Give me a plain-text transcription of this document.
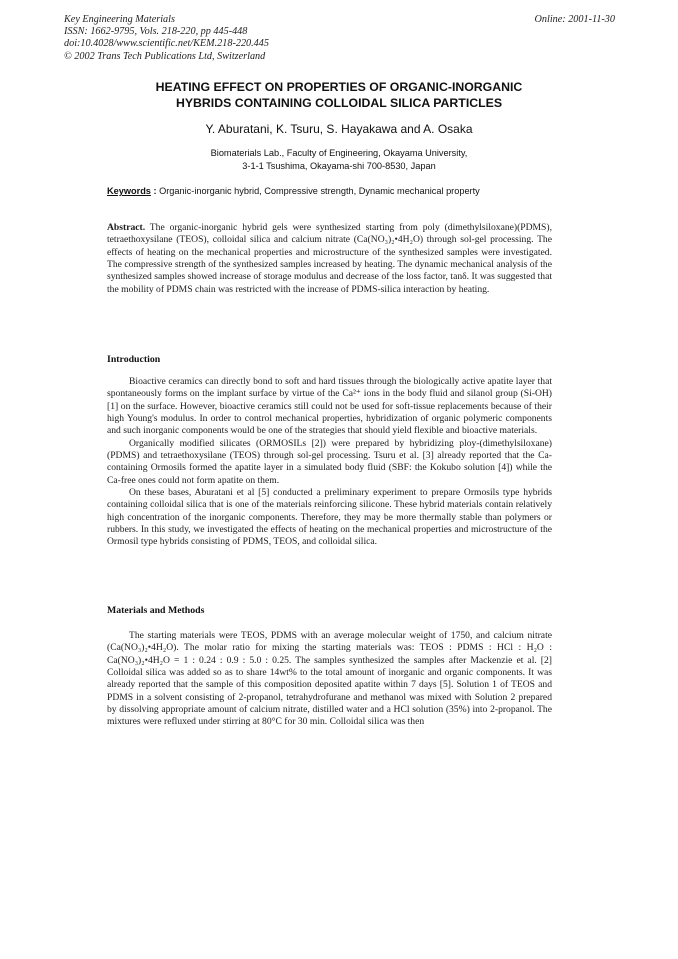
Key Engineering Materials
ISSN: 1662-9795, Vols. 218-220, pp 445-448
doi:10.4028/www.scientific.net/KEM.218-220.445
© 2002 Trans Tech Publications Ltd, Switzerland
Online: 2001-11-30
HEATING EFFECT ON PROPERTIES OF ORGANIC-INORGANIC
HYBRIDS CONTAINING COLLOIDAL SILICA PARTICLES
Y. Aburatani, K. Tsuru, S. Hayakawa and A. Osaka
Biomaterials Lab., Faculty of Engineering, Okayama University,
3-1-1 Tsushima, Okayama-shi 700-8530, Japan
Keywords : Organic-inorganic hybrid, Compressive strength, Dynamic mechanical property

Abstract. The organic-inorganic hybrid gels were synthesized starting from poly (dimethylsiloxane)(PDMS), tetraethoxysilane (TEOS), colloidal silica and calcium nitrate (Ca(NO₃)₂•4H₂O) through sol-gel processing. The effects of heating on the mechanical properties and microstructure of the synthesized samples were investigated. The compressive strength of the synthesized samples increased by heating. The dynamic mechanical analysis of the synthesized samples showed increase of storage modulus and decrease of the loss factor, tanδ. It was suggested that the mobility of PDMS chain was restricted with the increase of PDMS-silica interaction by heating.

Introduction

Bioactive ceramics can directly bond to soft and hard tissues through the biologically active apatite layer that spontaneously forms on the implant surface by virtue of the Ca²⁺ ions in the body fluid and silanol group (Si-OH)[1] on the surface. However, bioactive ceramics still could not be used for soft-tissue replacements because of their high Young's modulus. In order to control mechanical properties, hybridization of organic polymeric components and such inorganic components would be one of the strategies that should yield flexible and bioactive materials.

Organically modified silicates (ORMOSILs [2]) were prepared by hybridizing ploy-(dimethylsiloxane) (PDMS) and tetraethoxysilane (TEOS) through sol-gel processing. Tsuru et al. [3] already reported that the Ca-containing Ormosils formed the apatite layer in a simulated body fluid (SBF: the Kokubo solution [4]) while the Ca-free ones could not form apatite on them.

On these bases, Aburatani et al [5] conducted a preliminary experiment to prepare Ormosils type hybrids containing colloidal silica that is one of the materials reinforcing silicone. These hybrid materials contain relatively high concentration of the inorganic components. Therefore, they may be more thermally stable than polymers or rubbers. In this study, we investigated the effects of heating on the mechanical properties and microstructure of the Ormosil type hybrids consisting of PDMS, TEOS, and colloidal silica.

Materials and Methods

The starting materials were TEOS, PDMS with an average molecular weight of 1750, and calcium nitrate (Ca(NO₃)₂•4H₂O). The molar ratio for mixing the starting materials was: TEOS : PDMS : HCl : H₂O : Ca(NO₃)₂•4H₂O = 1 : 0.24 : 0.9 : 5.0 : 0.25. The samples synthesized the samples after Mackenzie et al. [2] Colloidal silica was added so as to share 14wt% to the total amount of inorganic and organic components. It was already reported that the sample of this composition deposited apatite within 7 days [5]. Solution 1 of TEOS and PDMS in a solvent consisting of 2-propanol, tetrahydrofurane and methanol was mixed with Solution 2 prepared by dissolving appropriate amount of calcium nitrate, distilled water and a HCl solution (35%) into 2-propanol. The mixtures were refluxed under stirring at 80°C for 30 min. Colloidal silica was then
